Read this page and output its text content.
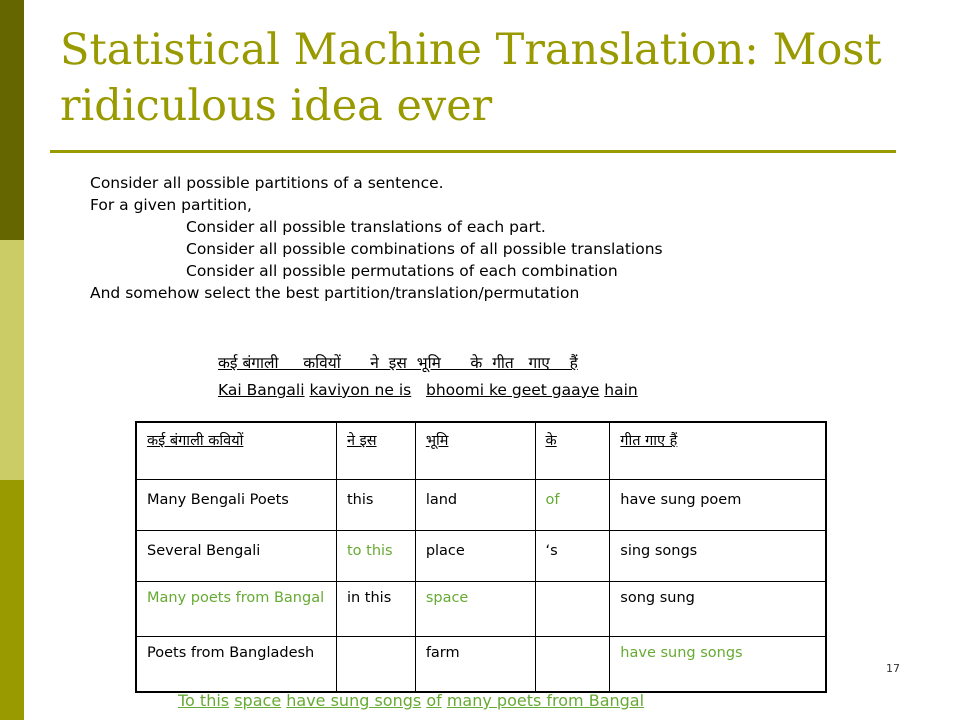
Statistical Machine Translation: Most ridiculous idea ever
Consider all possible partitions of a sentence.
For a given partition,
Consider all possible translations of each part.
Consider all possible combinations of all possible translations
Consider all possible permutations of each combination
And somehow select the best partition/translation/permutation
कई बंगाली     कवियों      ने  इस  भूमि      के  गीत   गाए    हैं
Kai Bangali kaviyon ne is bhoomi ke geet gaaye hain
कई बंगाली कवियों	ने इस	भूमि	के	गीत गाए हैं
Many Bengali Poets	this	land	of	have sung poem
Several Bengali	to this	place	‘s	sing songs
Many poets from Bangal	in this	space		song sung
Poets from Bangladesh		farm		have sung songs
17
To this space have sung songs of many poets from Bangal
